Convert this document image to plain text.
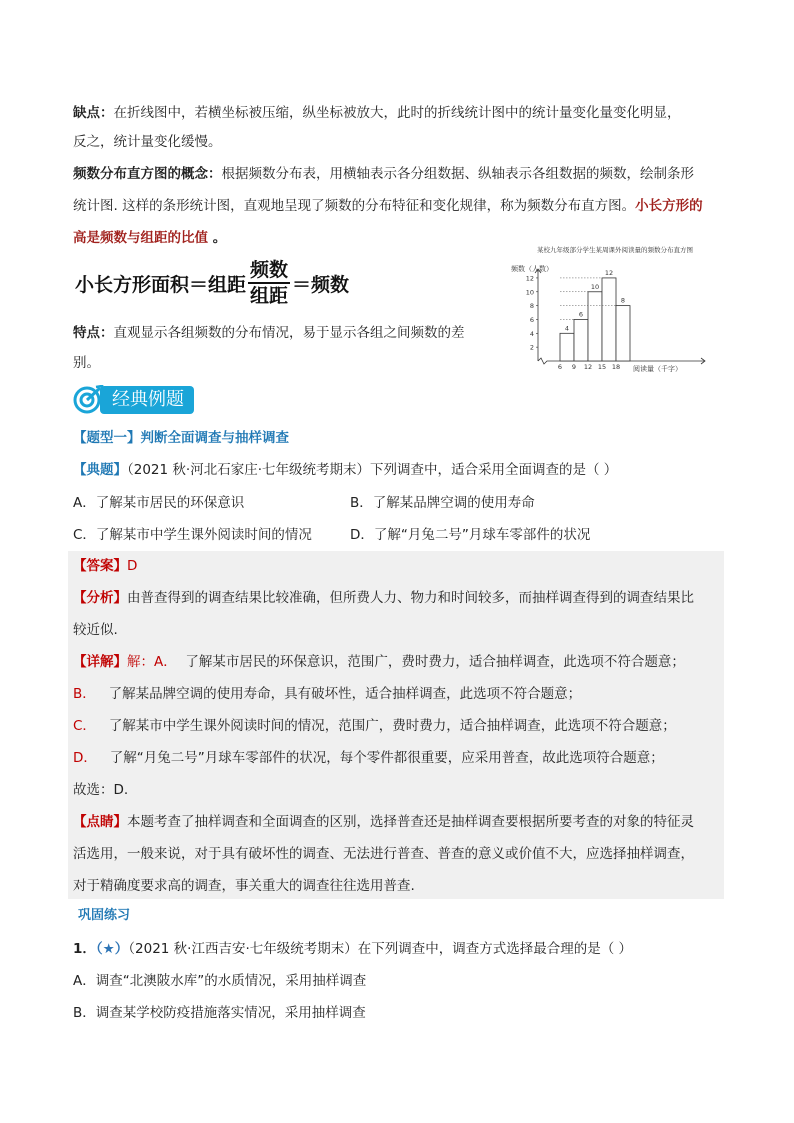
缺点：在折线图中，若横坐标被压缩，纵坐标被放大，此时的折线统计图中的统计量变化量变化明显，
反之，统计量变化缓慢。
频数分布直方图的概念：根据频数分布表，用横轴表示各分组数据、纵轴表示各组数据的频数，绘制条形
统计图. 这样的条形统计图，直观地呈现了频数的分布特征和变化规律，称为频数分布直方图。小长方形的
高是频数与组距的比值 。
小长方形面积＝组距 $\frac{\text{频数}}{\text{组距}}$ ＝频数
特点：直观显示各组频数的分布情况，易于显示各组之间频数的差
别。
某校九年级部分学生某周课外阅读量的频数分布直方图
频数（人数）
阅读量（千字）
2
4
6
8
10
12
4
6
10
12
8
6 9 12 15 18
经典例题
【题型一】判断全面调查与抽样调查
【典题】（2021 秋·河北石家庄·七年级统考期末）下列调查中，适合采用全面调查的是（ ）
A．了解某市居民的环保意识	B．了解某品牌空调的使用寿命
C．了解某市中学生课外阅读时间的情况	D．了解“月兔二号”月球车零部件的状况
【答案】D
【分析】由普查得到的调查结果比较准确，但所费人力、物力和时间较多，而抽样调查得到的调查结果比
较近似.
【详解】解：A． 了解某市居民的环保意识，范围广，费时费力，适合抽样调查，此选项不符合题意；
B． 了解某品牌空调的使用寿命，具有破坏性，适合抽样调查，此选项不符合题意；
C． 了解某市中学生课外阅读时间的情况，范围广，费时费力，适合抽样调查，此选项不符合题意；
D． 了解“月兔二号”月球车零部件的状况，每个零件都很重要，应采用普查，故此选项符合题意；
故选：D.
【点睛】本题考查了抽样调查和全面调查的区别，选择普查还是抽样调查要根据所要考查的对象的特征灵
活选用，一般来说，对于具有破坏性的调查、无法进行普查、普查的意义或价值不大，应选择抽样调查，
对于精确度要求高的调查，事关重大的调查往往选用普查.
巩固练习
1．（★）（2021 秋·江西吉安·七年级统考期末）在下列调查中，调查方式选择最合理的是（ ）
A．调查“北澳陂水库”的水质情况，采用抽样调查
B．调查某学校防疫措施落实情况，采用抽样调查
